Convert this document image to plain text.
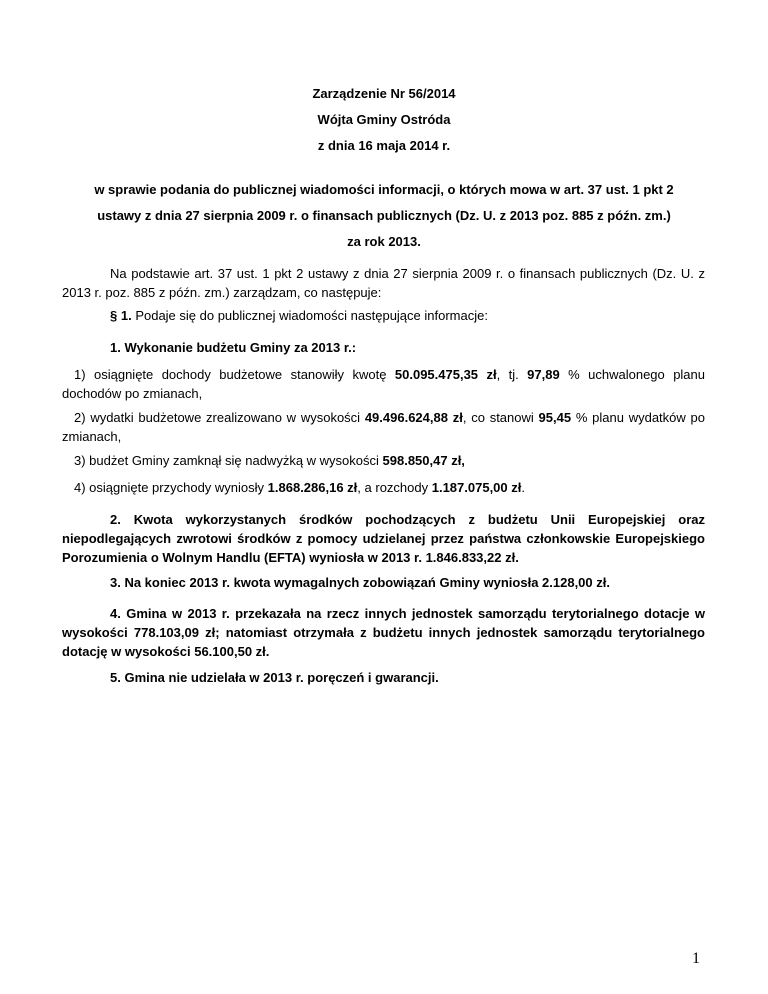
Zarządzenie Nr 56/2014
Wójta Gminy Ostróda
z dnia 16 maja 2014 r.
w sprawie podania do publicznej wiadomości informacji, o których mowa w art. 37 ust. 1 pkt 2
ustawy z dnia 27 sierpnia 2009 r. o finansach publicznych (Dz. U. z 2013 poz. 885 z późn. zm.)
za rok 2013.
Na podstawie art. 37 ust. 1 pkt 2 ustawy z dnia 27 sierpnia 2009 r. o finansach publicznych (Dz. U. z 2013 r. poz. 885 z późn. zm.) zarządzam, co następuje:
§ 1. Podaje się do publicznej wiadomości następujące informacje:
1. Wykonanie budżetu Gminy za 2013 r.:
1) osiągnięte dochody budżetowe stanowiły kwotę 50.095.475,35 zł, tj. 97,89 % uchwalonego planu dochodów po zmianach,
2) wydatki budżetowe zrealizowano w wysokości 49.496.624,88 zł, co stanowi 95,45 % planu wydatków po zmianach,
3) budżet Gminy zamknął się nadwyżką w wysokości 598.850,47 zł,
4) osiągnięte przychody wyniosły 1.868.286,16 zł, a rozchody 1.187.075,00 zł.
2. Kwota wykorzystanych środków pochodzących z budżetu Unii Europejskiej oraz niepodlegających zwrotowi środków z pomocy udzielanej przez państwa członkowskie Europejskiego Porozumienia o Wolnym Handlu (EFTA) wyniosła w 2013 r. 1.846.833,22 zł.
3. Na koniec 2013 r. kwota wymagalnych zobowiązań Gminy wyniosła 2.128,00 zł.
4. Gmina w 2013 r. przekazała na rzecz innych jednostek samorządu terytorialnego dotacje w wysokości 778.103,09 zł; natomiast otrzymała z budżetu innych jednostek samorządu terytorialnego dotację w wysokości 56.100,50 zł.
5. Gmina nie udzielała w 2013 r. poręczeń i gwarancji.
1
